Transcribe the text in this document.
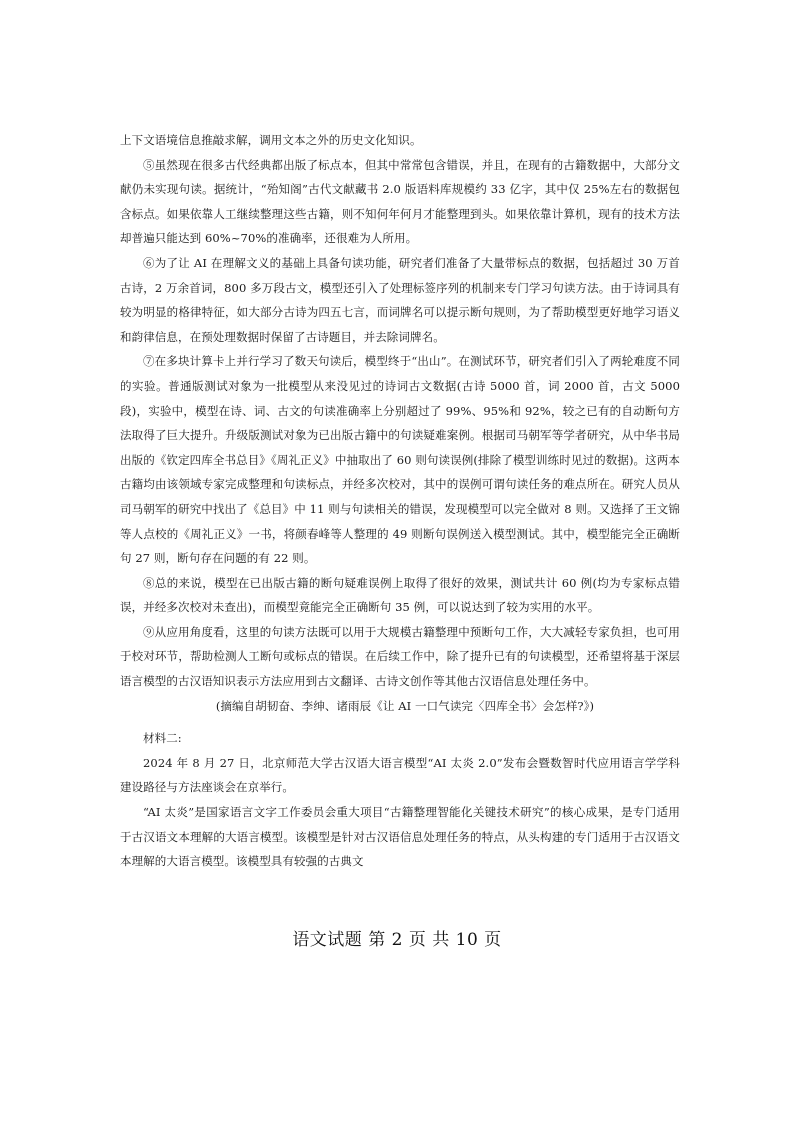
上下文语境信息推敲求解，调用文本之外的历史文化知识。

⑤虽然现在很多古代经典都出版了标点本，但其中常常包含错误，并且，在现有的古籍数据中，大部分文献仍未实现句读。据统计，“殆知阁”古代文献藏书 2.0 版语料库规模约 33 亿字，其中仅 25%左右的数据包含标点。如果依靠人工继续整理这些古籍，则不知何年何月才能整理到头。如果依靠计算机，现有的技术方法却普遍只能达到 60%~70%的准确率，还很难为人所用。

⑥为了让 AI 在理解文义的基础上具备句读功能，研究者们准备了大量带标点的数据，包括超过 30 万首古诗，2 万余首词，800 多万段古文，模型还引入了处理标签序列的机制来专门学习句读方法。由于诗词具有较为明显的格律特征，如大部分古诗为四五七言，而词牌名可以提示断句规则，为了帮助模型更好地学习语义和韵律信息，在预处理数据时保留了古诗题目，并去除词牌名。

⑦在多块计算卡上并行学习了数天句读后，模型终于“出山”。在测试环节，研究者们引入了两轮难度不同的实验。普通版测试对象为一批模型从来没见过的诗词古文数据(古诗 5000 首，词 2000 首，古文 5000 段)，实验中，模型在诗、词、古文的句读准确率上分别超过了 99%、95%和 92%，较之已有的自动断句方法取得了巨大提升。升级版测试对象为已出版古籍中的句读疑难案例。根据司马朝军等学者研究，从中华书局出版的《钦定四库全书总目》《周礼正义》中抽取出了 60 则句读误例(排除了模型训练时见过的数据)。这两本古籍均由该领域专家完成整理和句读标点，并经多次校对，其中的误例可谓句读任务的难点所在。研究人员从司马朝军的研究中找出了《总目》中 11 则与句读相关的错误，发现模型可以完全做对 8 则。又选择了王文锦等人点校的《周礼正义》一书，将颜春峰等人整理的 49 则断句误例送入模型测试。其中，模型能完全正确断句 27 则，断句存在问题的有 22 则。

⑧总的来说，模型在已出版古籍的断句疑难误例上取得了很好的效果，测试共计 60 例(均为专家标点错误，并经多次校对未查出)，而模型竟能完全正确断句 35 例，可以说达到了较为实用的水平。

⑨从应用角度看，这里的句读方法既可以用于大规模古籍整理中预断句工作，大大减轻专家负担，也可用于校对环节，帮助检测人工断句或标点的错误。在后续工作中，除了提升已有的句读模型，还希望将基于深层语言模型的古汉语知识表示方法应用到古文翻译、古诗文创作等其他古汉语信息处理任务中。

(摘编自胡韧奋、李绅、诸雨辰《让 AI 一口气读完〈四库全书〉会怎样?》)

材料二:

2024 年 8 月 27 日，北京师范大学古汉语大语言模型“AI 太炎 2.0”发布会暨数智时代应用语言学学科建设路径与方法座谈会在京举行。

“AI 太炎”是国家语言文字工作委员会重大项目“古籍整理智能化关键技术研究”的核心成果，是专门适用于古汉语文本理解的大语言模型。该模型是针对古汉语信息处理任务的特点，从头构建的专门适用于古汉语文本理解的大语言模型。该模型具有较强的古典文

语文试题 第 2 页 共 10 页
